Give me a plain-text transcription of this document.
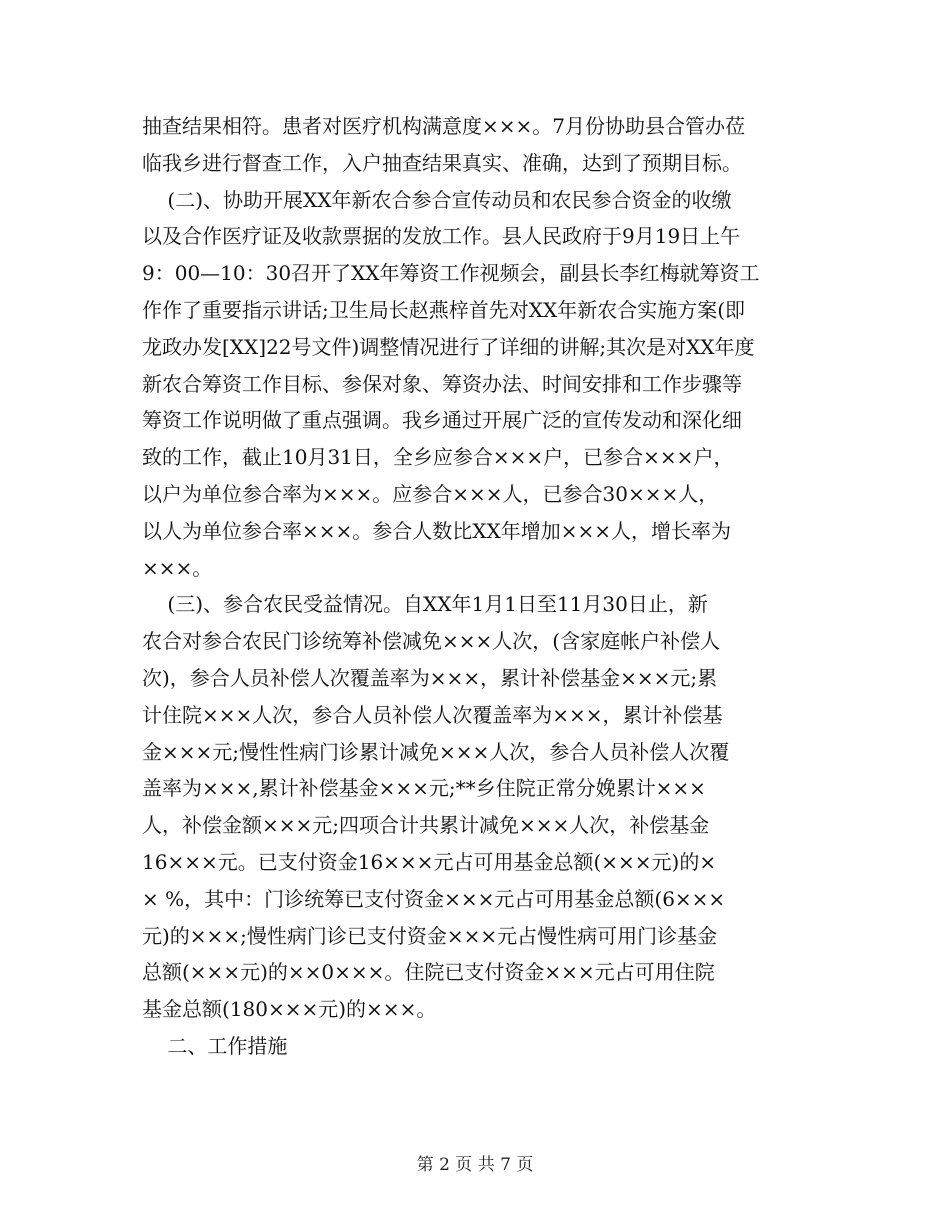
抽查结果相符。患者对医疗机构满意度×××。7月份协助县合管办莅
临我乡进行督查工作，入户抽查结果真实、准确，达到了预期目标。
(二)、协助开展XX年新农合参合宣传动员和农民参合资金的收缴
以及合作医疗证及收款票据的发放工作。县人民政府于9月19日上午
9：00—10：30召开了XX年筹资工作视频会，副县长李红梅就筹资工
作作了重要指示讲话;卫生局长赵燕梓首先对XX年新农合实施方案(即
龙政办发[XX]22号文件)调整情况进行了详细的讲解;其次是对XX年度
新农合筹资工作目标、参保对象、筹资办法、时间安排和工作步骤等
筹资工作说明做了重点强调。我乡通过开展广泛的宣传发动和深化细
致的工作，截止10月31日，全乡应参合×××户，已参合×××户，
以户为单位参合率为×××。应参合×××人，已参合30×××人，
以人为单位参合率×××。参合人数比XX年增加×××人，增长率为
×××。
(三)、参合农民受益情况。自XX年1月1日至11月30日止，新
农合对参合农民门诊统筹补偿减免×××人次，(含家庭帐户补偿人
次)，参合人员补偿人次覆盖率为×××，累计补偿基金×××元;累
计住院×××人次，参合人员补偿人次覆盖率为×××，累计补偿基
金×××元;慢性性病门诊累计减免×××人次，参合人员补偿人次覆
盖率为×××,累计补偿基金×××元;**乡住院正常分娩累计×××
人，补偿金额×××元;四项合计共累计减免×××人次，补偿基金
16×××元。已支付资金16×××元占可用基金总额(×××元)的×
× %，其中：门诊统筹已支付资金×××元占可用基金总额(6×××
元)的×××;慢性病门诊已支付资金×××元占慢性病可用门诊基金
总额(×××元)的××0×××。住院已支付资金×××元占可用住院
基金总额(180×××元)的×××。
二、工作措施
第 2 页 共 7 页
